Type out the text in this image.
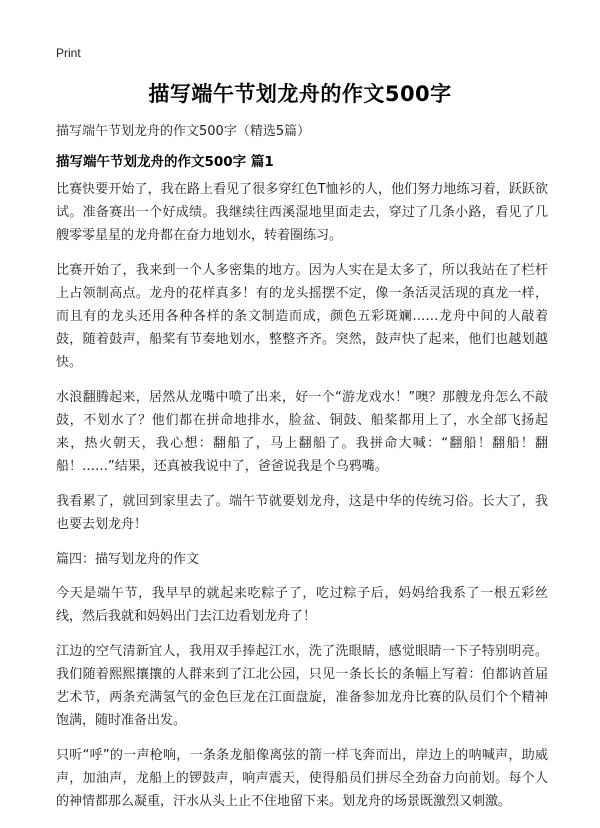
Print
描写端午节划龙舟的作文500字
描写端午节划龙舟的作文500字（精选5篇）
描写端午节划龙舟的作文500字 篇1

比赛快要开始了，我在路上看见了很多穿红色T恤衫的人，他们努力地练习着，跃跃欲试。准备赛出一个好成绩。我继续往西溪湿地里面走去，穿过了几条小路，看见了几艘零零星星的龙舟都在奋力地划水，转着圈练习。

比赛开始了，我来到一个人多密集的地方。因为人实在是太多了，所以我站在了栏杆上占领制高点。龙舟的花样真多！有的龙头摇摆不定，像一条活灵活现的真龙一样，而且有的龙头还用各种各样的条文制造而成，颜色五彩斑斓……龙舟中间的人敲着鼓，随着鼓声，船桨有节奏地划水，整整齐齐。突然，鼓声快了起来，他们也越划越快。

水浪翻腾起来，居然从龙嘴中喷了出来，好一个“游龙戏水！”噢？那艘龙舟怎么不敲鼓，不划水了？他们都在拼命地排水，脸盆、铜鼓、船桨都用上了，水全部飞扬起来，热火朝天，我心想：翻船了，马上翻船了。我拼命大喊：“翻船！翻船！翻船！……”结果，还真被我说中了，爸爸说我是个乌鸦嘴。

我看累了，就回到家里去了。端午节就要划龙舟，这是中华的传统习俗。长大了，我也要去划龙舟！

篇四：描写划龙舟的作文

今天是端午节，我早早的就起来吃粽子了，吃过粽子后，妈妈给我系了一根五彩丝线，然后我就和妈妈出门去江边看划龙舟了！

江边的空气清新宜人，我用双手捧起江水，洗了洗眼睛，感觉眼睛一下子特别明亮。我们随着熙熙攘攘的人群来到了江北公园，只见一条长长的条幅上写着：伯都讷首届艺术节，两条充满氢气的金色巨龙在江面盘旋，准备参加龙舟比赛的队员们个个精神饱满，随时准备出发。

只听“呼”的一声枪响，一条条龙船像离弦的箭一样飞奔而出，岸边上的呐喊声，助威声，加油声，龙船上的锣鼓声，响声震天，使得船员们拼尽全劲奋力向前划。每个人的神情都那么凝重，汗水从头上止不住地留下来。划龙舟的场景既激烈又刺激。
